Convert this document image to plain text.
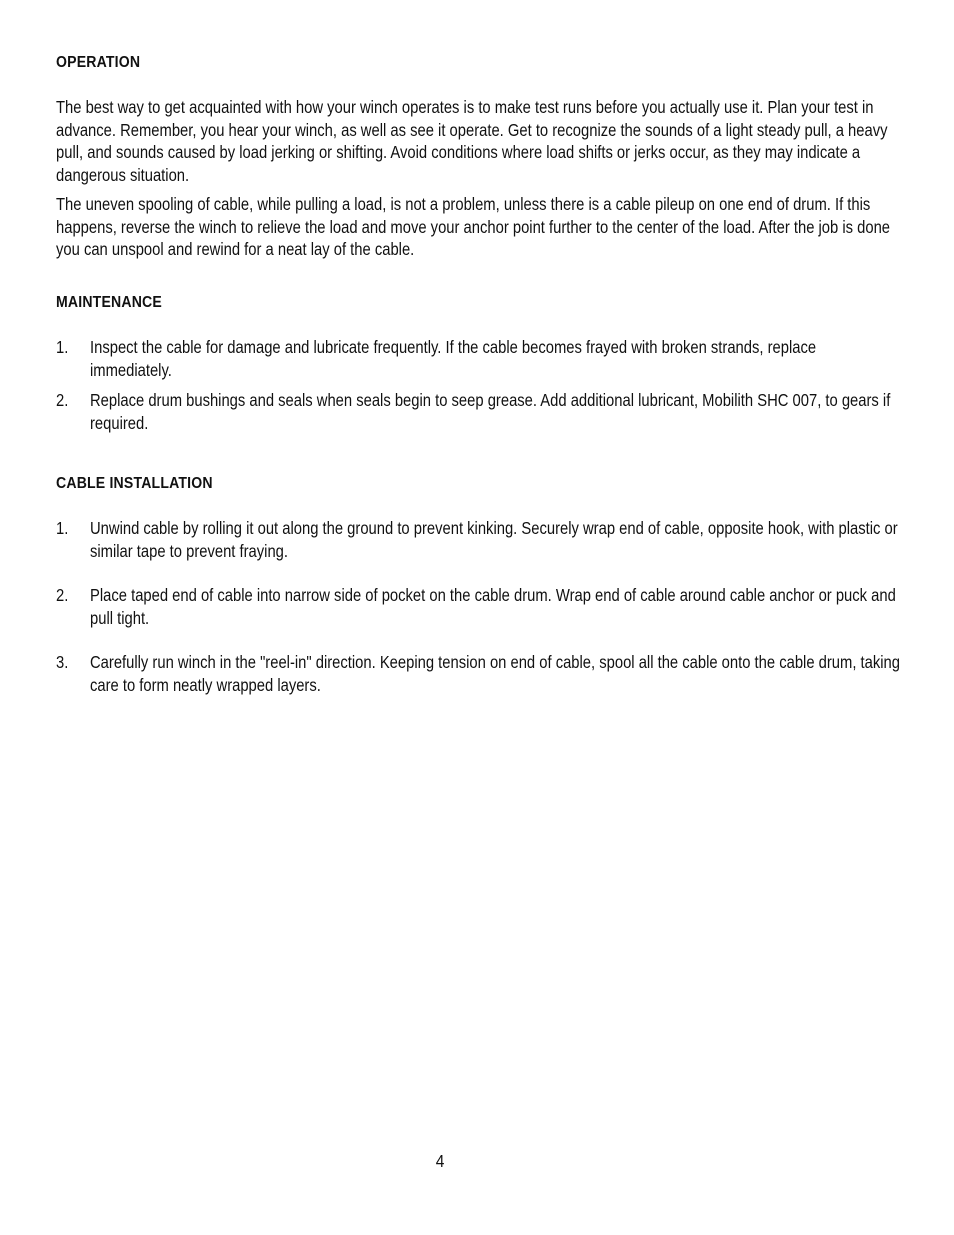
OPERATION

The best way to get acquainted with how your winch operates is to make test runs before you actually use it. Plan your test in advance. Remember, you hear your winch, as well as see it operate. Get to recognize the sounds of a light steady pull, a heavy pull, and sounds caused by load jerking or shifting. Avoid conditions where load shifts or jerks occur, as they may indicate a dangerous situation.

The uneven spooling of cable, while pulling a load, is not a problem, unless there is a cable pileup on one end of drum. If this happens, reverse the winch to relieve the load and move your anchor point further to the center of the load. After the job is done you can unspool and rewind for a neat lay of the cable.

MAINTENANCE
1. Inspect the cable for damage and lubricate frequently. If the cable becomes frayed with broken strands, replace immediately.
2. Replace drum bushings and seals when seals begin to seep grease. Add additional lubricant, Mobilith SHC 007, to gears if required.
CABLE INSTALLATION
1. Unwind cable by rolling it out along the ground to prevent kinking. Securely wrap end of cable, opposite hook, with plastic or similar tape to prevent fraying.
2. Place taped end of cable into narrow side of pocket on the cable drum. Wrap end of cable around cable anchor or puck and pull tight.
3. Carefully run winch in the "reel-in" direction. Keeping tension on end of cable, spool all the cable onto the cable drum, taking care to form neatly wrapped layers.
4
